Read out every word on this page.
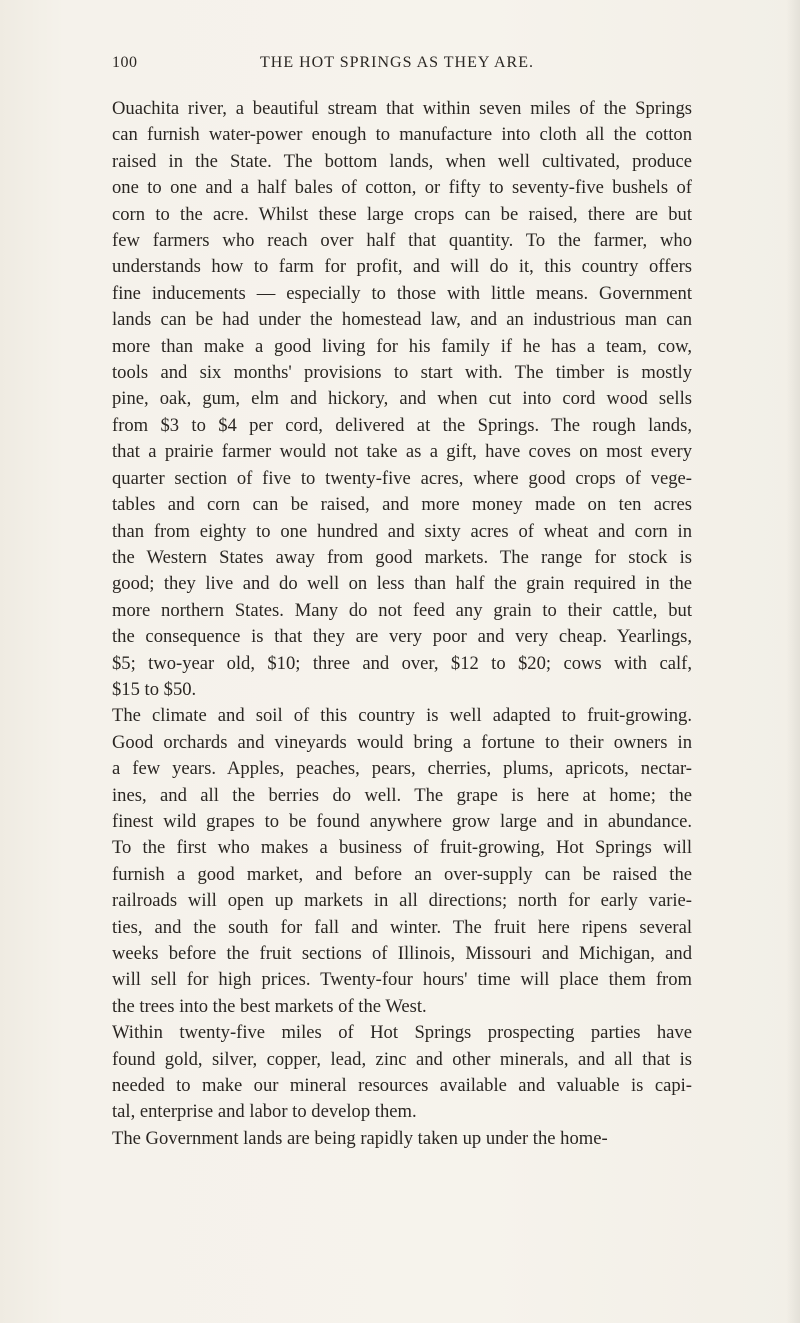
100	THE HOT SPRINGS AS THEY ARE.

Ouachita river, a beautiful stream that within seven miles of the Springs
can furnish water-power enough to manufacture into cloth all the cotton
raised in the State. The bottom lands, when well cultivated, produce
one to one and a half bales of cotton, or fifty to seventy-five bushels of
corn to the acre. Whilst these large crops can be raised, there are but
few farmers who reach over half that quantity. To the farmer, who
understands how to farm for profit, and will do it, this country offers
fine inducements — especially to those with little means. Government
lands can be had under the homestead law, and an industrious man can
more than make a good living for his family if he has a team, cow,
tools and six months' provisions to start with. The timber is mostly
pine, oak, gum, elm and hickory, and when cut into cord wood sells
from $3 to $4 per cord, delivered at the Springs. The rough lands,
that a prairie farmer would not take as a gift, have coves on most every
quarter section of five to twenty-five acres, where good crops of vege-
tables and corn can be raised, and more money made on ten acres
than from eighty to one hundred and sixty acres of wheat and corn in
the Western States away from good markets. The range for stock is
good; they live and do well on less than half the grain required in the
more northern States. Many do not feed any grain to their cattle, but
the consequence is that they are very poor and very cheap. Yearlings,
$5; two-year old, $10; three and over, $12 to $20; cows with calf,
$15 to $50.

The climate and soil of this country is well adapted to fruit-growing.
Good orchards and vineyards would bring a fortune to their owners in
a few years. Apples, peaches, pears, cherries, plums, apricots, nectar-
ines, and all the berries do well. The grape is here at home; the
finest wild grapes to be found anywhere grow large and in abundance.
To the first who makes a business of fruit-growing, Hot Springs will
furnish a good market, and before an over-supply can be raised the
railroads will open up markets in all directions; north for early varie-
ties, and the south for fall and winter. The fruit here ripens several
weeks before the fruit sections of Illinois, Missouri and Michigan, and
will sell for high prices. Twenty-four hours' time will place them from
the trees into the best markets of the West.

Within twenty-five miles of Hot Springs prospecting parties have
found gold, silver, copper, lead, zinc and other minerals, and all that is
needed to make our mineral resources available and valuable is capi-
tal, enterprise and labor to develop them.

The Government lands are being rapidly taken up under the home-
